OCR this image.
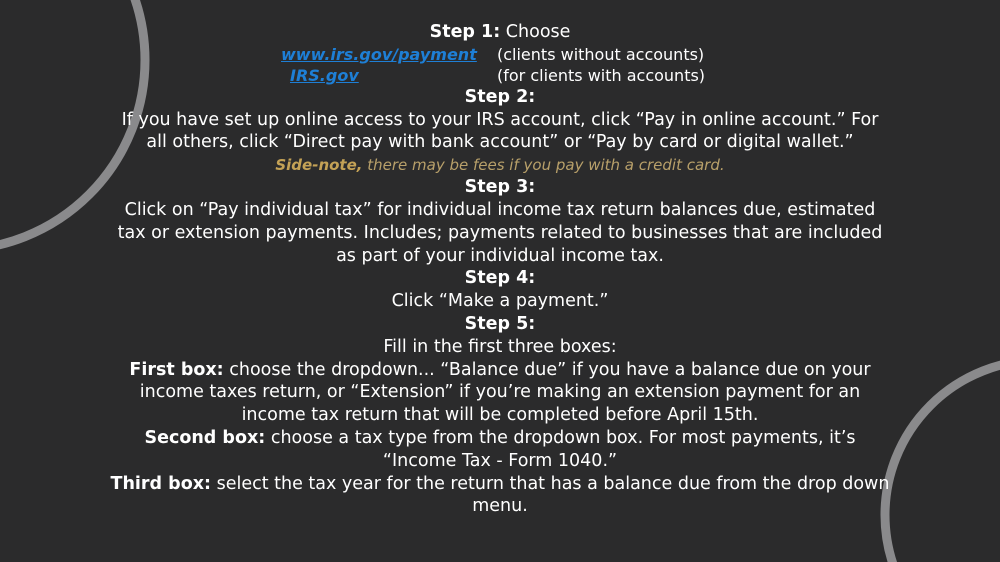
Step 1: Choose
www.irs.gov/payment (clients without accounts)
IRS.gov	(for clients with accounts)
Step 2:
If you have set up online access to your IRS account, click “Pay in online account.” For all others, click “Direct pay with bank account” or “Pay by card or digital wallet.”
Side-note, there may be fees if you pay with a credit card.
Step 3:
Click on “Pay individual tax” for individual income tax return balances due, estimated tax or extension payments. Includes; payments related to businesses that are included as part of your individual income tax.
Step 4:
Click “Make a payment.”
Step 5:
Fill in the first three boxes:
First box: choose the dropdown... “Balance due” if you have a balance due on your income taxes return, or “Extension” if you’re making an extension payment for an income tax return that will be completed before April 15th.
Second box: choose a tax type from the dropdown box. For most payments, it’s “Income Tax - Form 1040.”
Third box: select the tax year for the return that has a balance due from the drop down menu.
